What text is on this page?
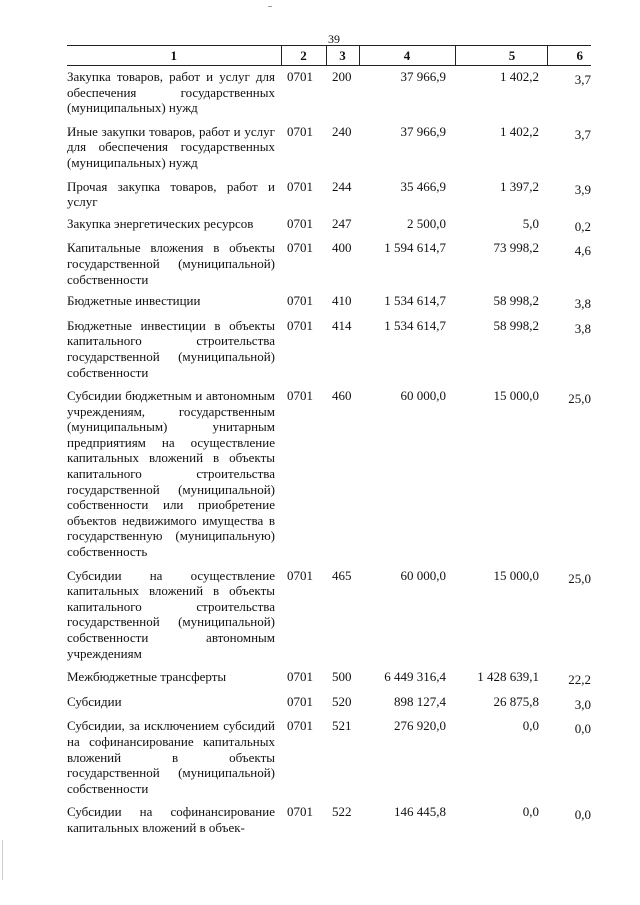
39
1	2	3	4	5	6
Закупка товаров, работ и услуг для обеспечения государственных (муниципальных) нужд	0701	200	37 966,9	1 402,2	3,7
Иные закупки товаров, работ и услуг для обеспечения государственных (муниципальных) нужд	0701	240	37 966,9	1 402,2	3,7
Прочая закупка товаров, работ и услуг	0701	244	35 466,9	1 397,2	3,9
Закупка энергетических ресурсов	0701	247	2 500,0	5,0	0,2
Капитальные вложения в объекты государственной (муниципальной) собственности	0701	400	1 594 614,7	73 998,2	4,6
Бюджетные инвестиции	0701	410	1 534 614,7	58 998,2	3,8
Бюджетные инвестиции в объекты капитального строительства государственной (муниципальной) собственности	0701	414	1 534 614,7	58 998,2	3,8
Субсидии бюджетным и автономным учреждениям, государственным (муниципальным) унитарным предприятиям на осуществление капитальных вложений в объекты капитального строительства государственной (муниципальной) собственности или приобретение объектов недвижимого имущества в государственную (муниципальную) собственность	0701	460	60 000,0	15 000,0	25,0
Субсидии на осуществление капитальных вложений в объекты капитального строительства государственной (муниципальной) собственности автономным учреждениям	0701	465	60 000,0	15 000,0	25,0
Межбюджетные трансферты	0701	500	6 449 316,4	1 428 639,1	22,2
Субсидии	0701	520	898 127,4	26 875,8	3,0
Субсидии, за исключением субсидий на софинансирование капитальных вложений в объекты государственной (муниципальной) собственности	0701	521	276 920,0	0,0	0,0
Субсидии на софинансирование капитальных вложений в объек-	0701	522	146 445,8	0,0	0,0
